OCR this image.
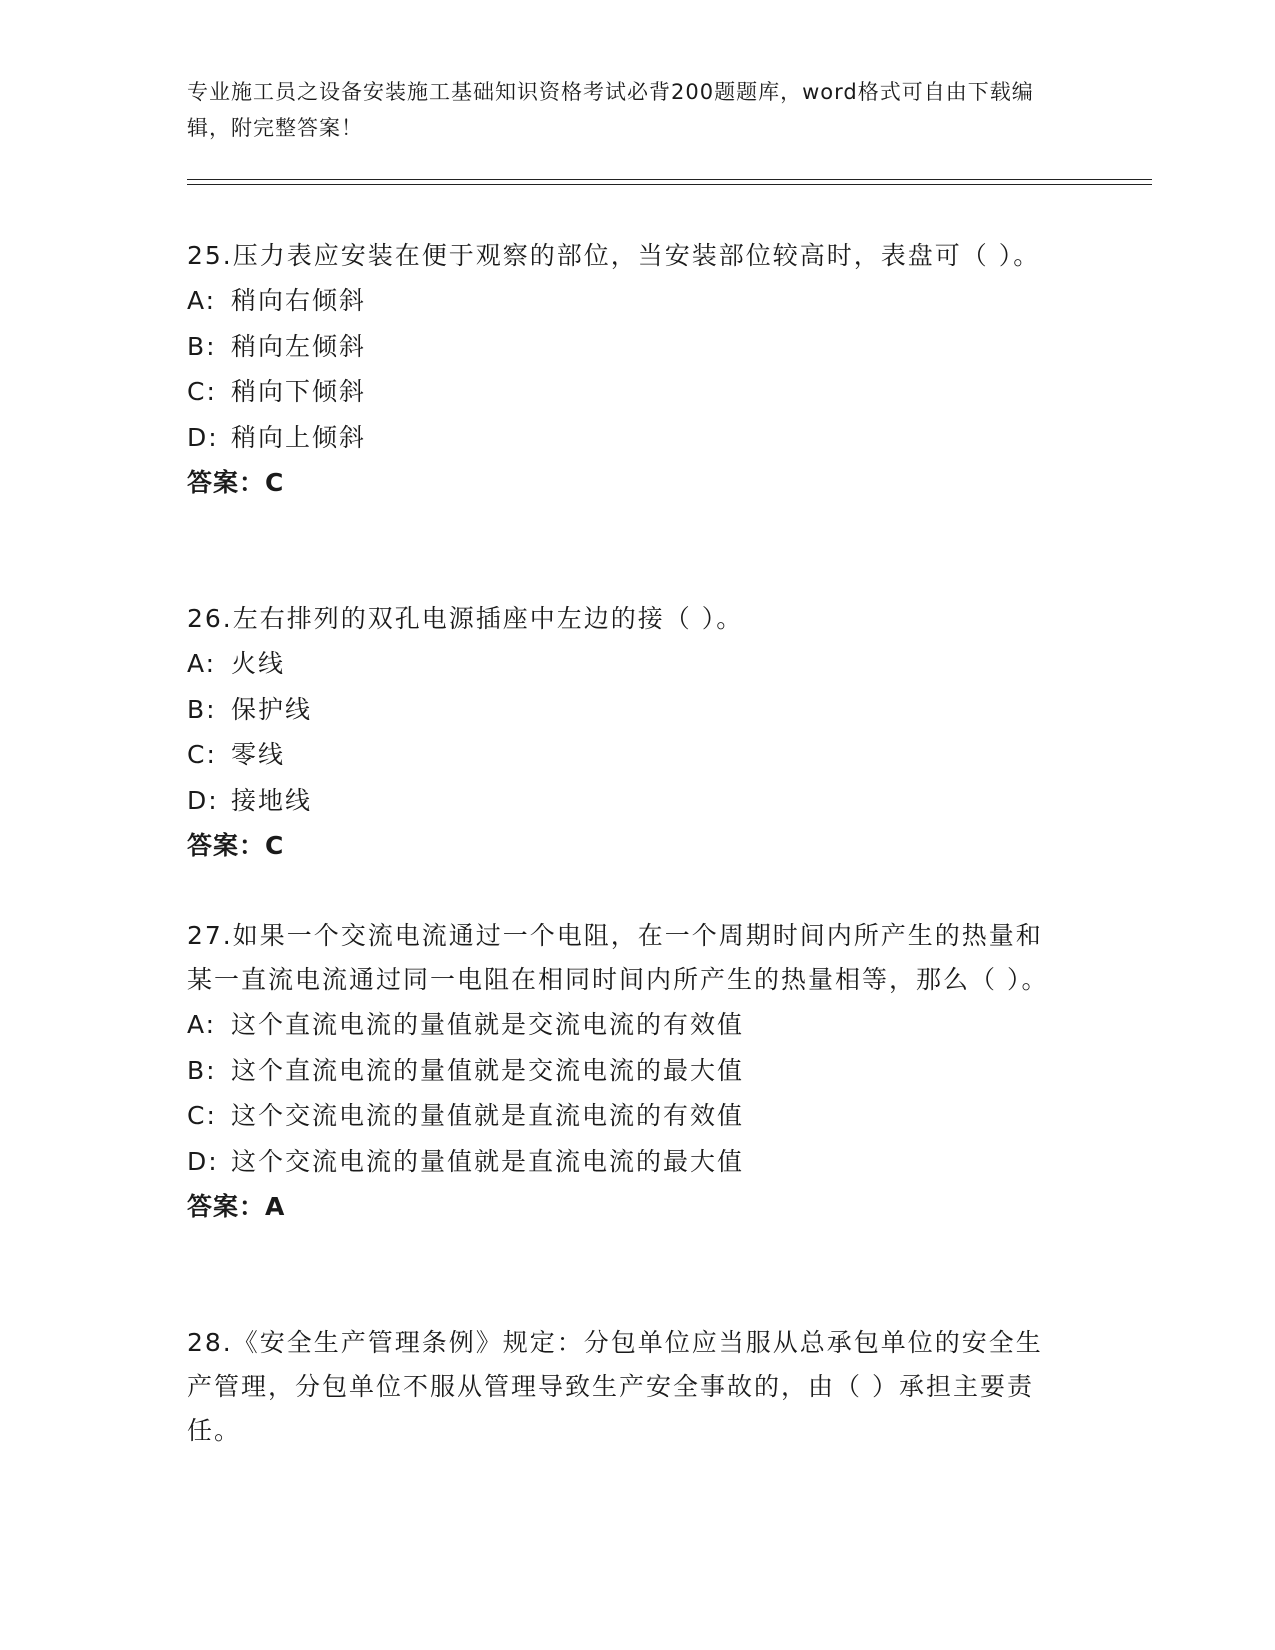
专业施工员之设备安装施工基础知识资格考试必背200题题库，word格式可自由下载编辑，附完整答案！

25.压力表应安装在便于观察的部位，当安装部位较高时，表盘可（ ）。

A: 稍向右倾斜

B: 稍向左倾斜

C: 稍向下倾斜

D: 稍向上倾斜

答案：C

26.左右排列的双孔电源插座中左边的接（ ）。

A: 火线

B: 保护线

C: 零线

D: 接地线

答案：C

27.如果一个交流电流通过一个电阻，在一个周期时间内所产生的热量和某一直流电流通过同一电阻在相同时间内所产生的热量相等，那么（ ）。

A: 这个直流电流的量值就是交流电流的有效值

B: 这个直流电流的量值就是交流电流的最大值

C: 这个交流电流的量值就是直流电流的有效值

D: 这个交流电流的量值就是直流电流的最大值

答案：A

28.《安全生产管理条例》规定：分包单位应当服从总承包单位的安全生产管理，分包单位不服从管理导致生产安全事故的，由（ ）承担主要责任。
